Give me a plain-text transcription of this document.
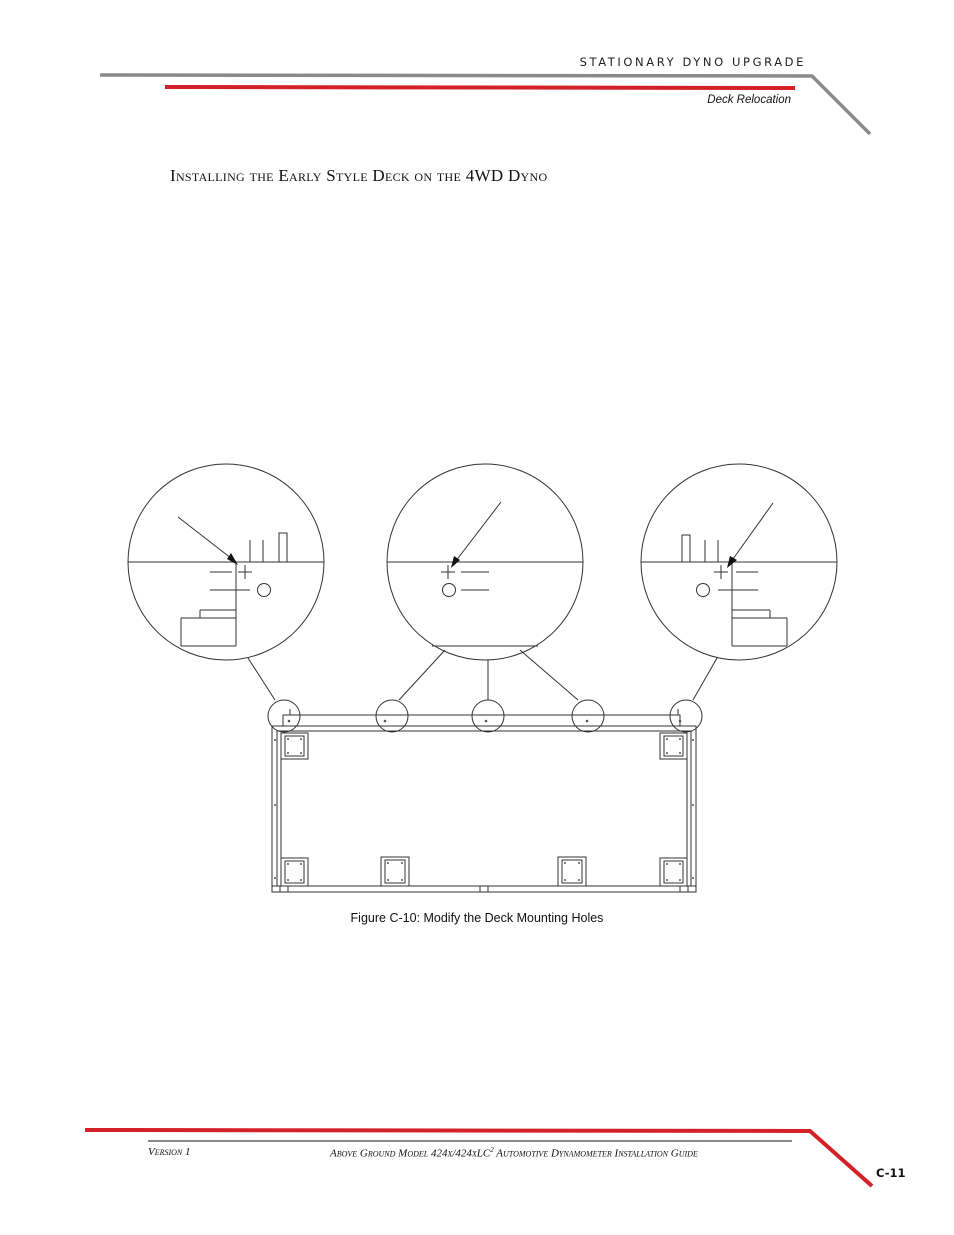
STATIONARY DYNO UPGRADE
Deck Relocation
Installing the Early Style Deck on the 4WD Dyno
Figure C-10: Modify the Deck Mounting Holes
Version 1	Above Ground Model 424x/424xLC$^2$ Automotive Dynamometer Installation Guide
C-11
